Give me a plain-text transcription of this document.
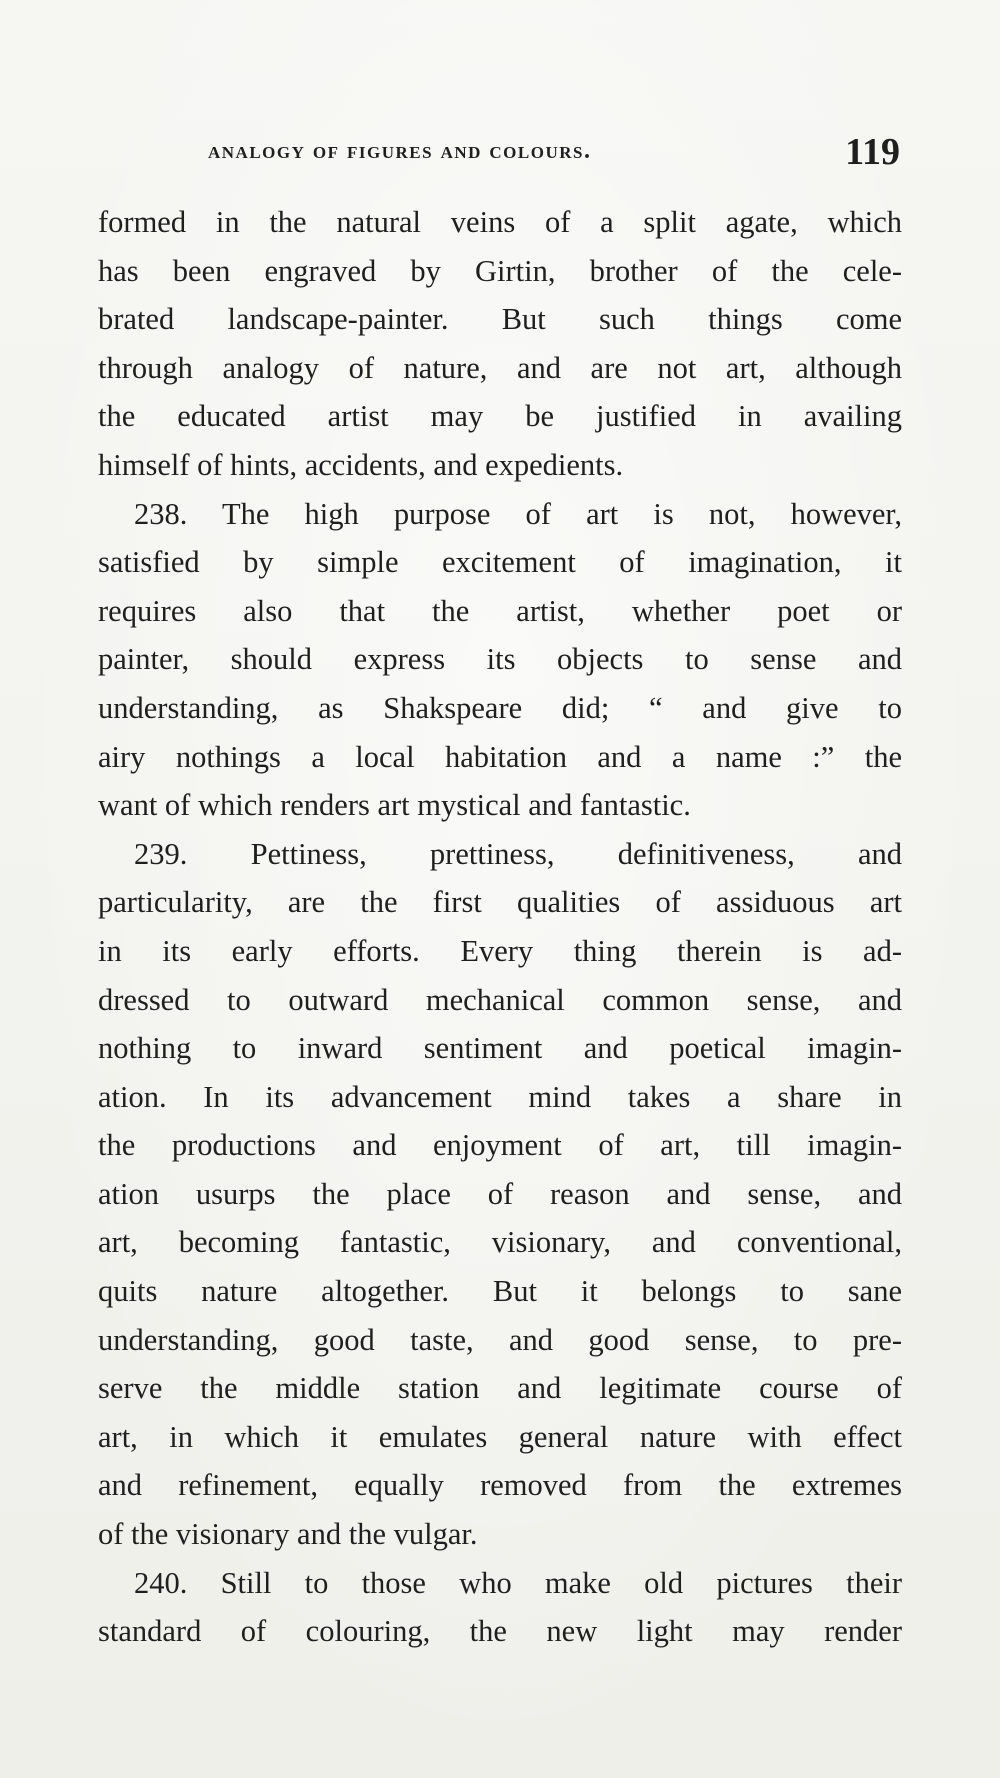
analogy of figures and colours.	119
formed in the natural veins of a split agate, which
has been engraved by Girtin, brother of the cele-
brated landscape-painter. But such things come
through analogy of nature, and are not art, although
the educated artist may be justified in availing
himself of hints, accidents, and expedients.
238. The high purpose of art is not, however,
satisfied by simple excitement of imagination, it
requires also that the artist, whether poet or
painter, should express its objects to sense and
understanding, as Shakspeare did; “ and give to
airy nothings a local habitation and a name :” the
want of which renders art mystical and fantastic.
239. Pettiness, prettiness, definitiveness, and
particularity, are the first qualities of assiduous art
in its early efforts. Every thing therein is ad-
dressed to outward mechanical common sense, and
nothing to inward sentiment and poetical imagin-
ation. In its advancement mind takes a share in
the productions and enjoyment of art, till imagin-
ation usurps the place of reason and sense, and
art, becoming fantastic, visionary, and conventional,
quits nature altogether. But it belongs to sane
understanding, good taste, and good sense, to pre-
serve the middle station and legitimate course of
art, in which it emulates general nature with effect
and refinement, equally removed from the extremes
of the visionary and the vulgar.
240. Still to those who make old pictures their
standard of colouring, the new light may render
